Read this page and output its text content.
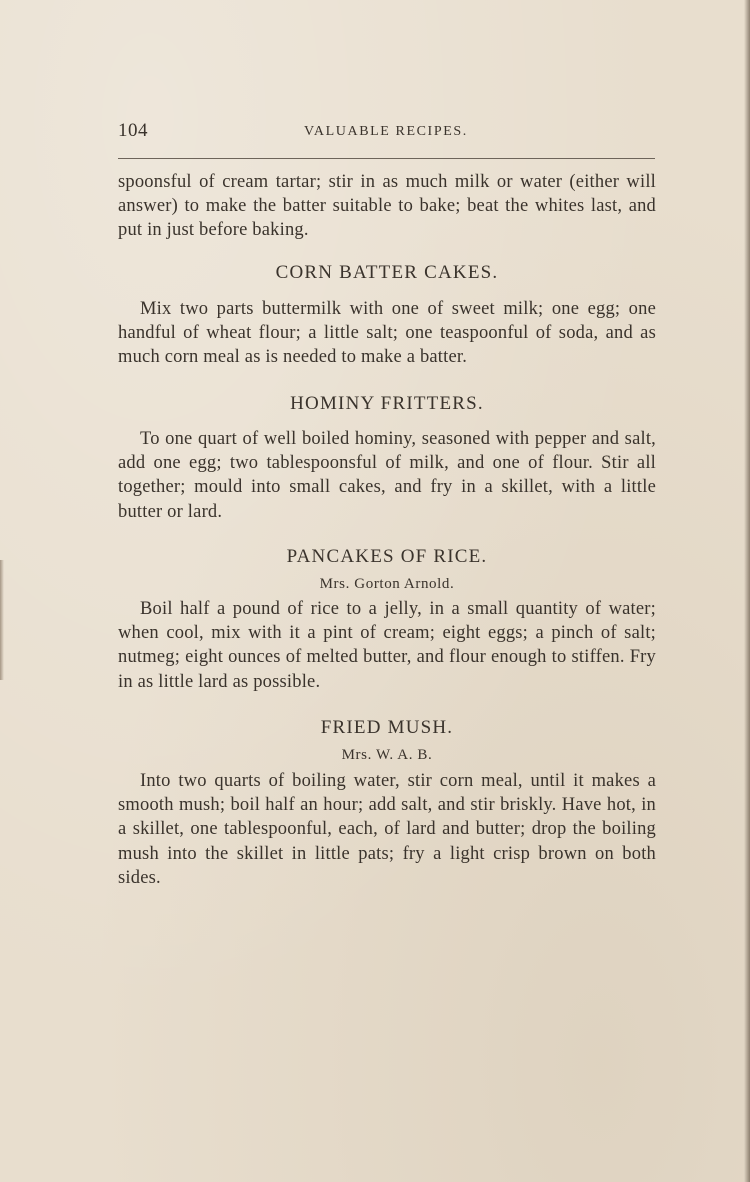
104	VALUABLE RECIPES.

spoonsful of cream tartar; stir in as much milk or water (either will answer) to make the batter suitable to bake; beat the whites last, and put in just before baking.

CORN BATTER CAKES.

Mix two parts buttermilk with one of sweet milk; one egg; one handful of wheat flour; a little salt; one teaspoonful of soda, and as much corn meal as is needed to make a batter.

HOMINY FRITTERS.

To one quart of well boiled hominy, seasoned with pepper and salt, add one egg; two tablespoonsful of milk, and one of flour. Stir all together; mould into small cakes, and fry in a skillet, with a little butter or lard.

PANCAKES OF RICE.

Mrs. Gorton Arnold.

Boil half a pound of rice to a jelly, in a small quantity of water; when cool, mix with it a pint of cream; eight eggs; a pinch of salt; nutmeg; eight ounces of melted butter, and flour enough to stiffen. Fry in as little lard as possible.

FRIED MUSH.

Mrs. W. A. B.

Into two quarts of boiling water, stir corn meal, until it makes a smooth mush; boil half an hour; add salt, and stir briskly. Have hot, in a skillet, one tablespoonful, each, of lard and butter; drop the boiling mush into the skillet in little pats; fry a light crisp brown on both sides.
